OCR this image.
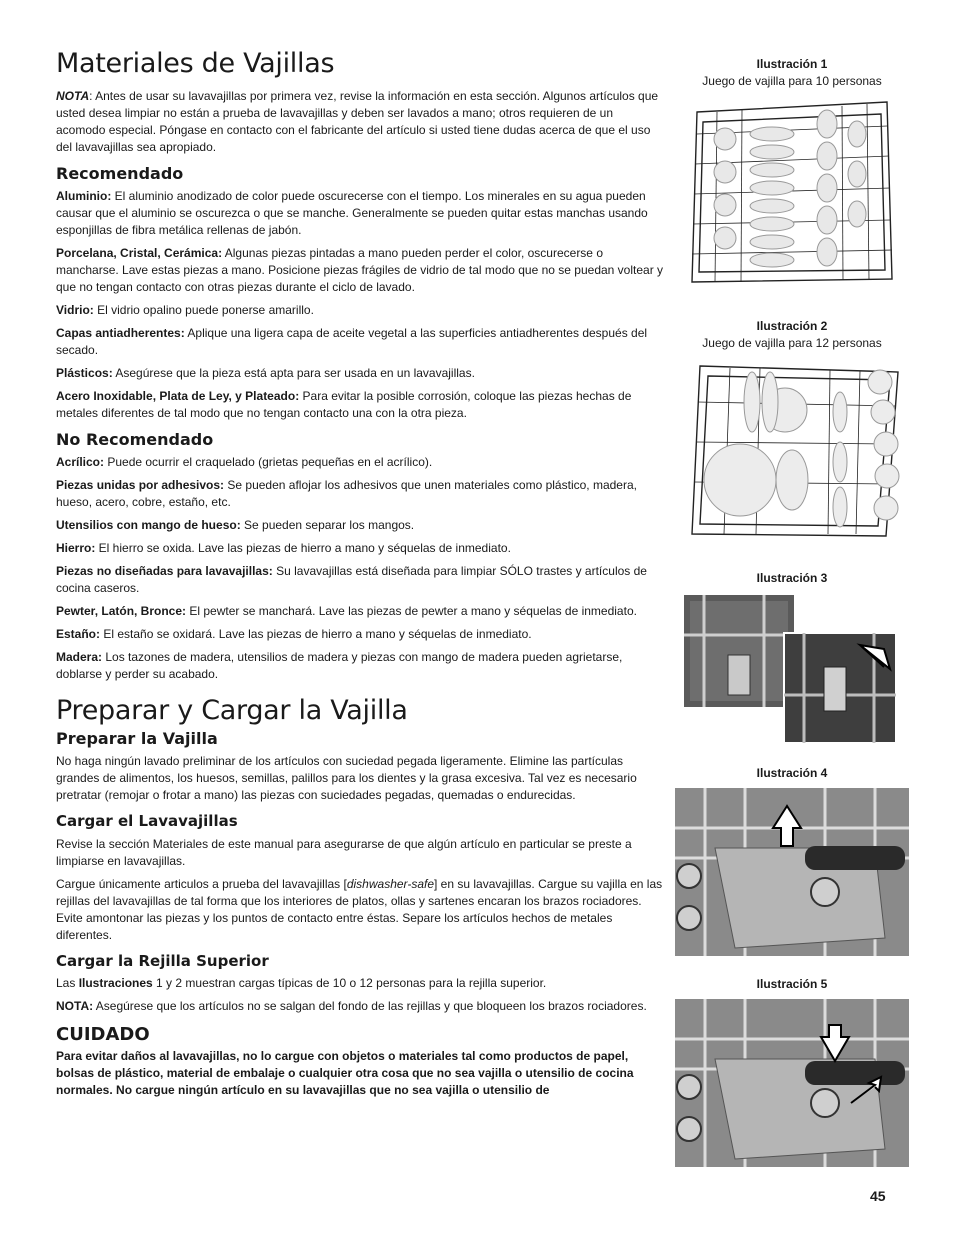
Materiales de Vajillas

NOTA: Antes de usar su lavavajillas por primera vez, revise la información en esta sección. Algunos artículos que usted desea limpiar no están a prueba de lavavajillas y deben ser lavados a mano; otros requieren de un acomodo especial. Póngase en contacto con el fabricante del artículo si usted tiene dudas acerca de que el uso del lavavajillas sea apropiado.

Recomendado

Aluminio: El aluminio anodizado de color puede oscurecerse con el tiempo. Los minerales en su agua pueden causar que el aluminio se oscurezca o que se manche. Generalmente se pueden quitar estas manchas usando esponjillas de fibra metálica rellenas de jabón.

Porcelana, Cristal, Cerámica: Algunas piezas pintadas a mano pueden perder el color, oscurecerse o mancharse. Lave estas piezas a mano. Posicione piezas frágiles de vidrio de tal modo que no se puedan voltear y que no tengan contacto con otras piezas durante el ciclo de lavado.

Vidrio: El vidrio opalino puede ponerse amarillo.

Capas antiadherentes: Aplique una ligera capa de aceite vegetal a las superficies antiadherentes después del secado.

Plásticos: Asegúrese que la pieza está apta para ser usada en un lavavajillas.

Acero Inoxidable, Plata de Ley, y Plateado: Para evitar la posible corrosión, coloque las piezas hechas de metales diferentes de tal modo que no tengan contacto una con la otra pieza.

No Recomendado

Acrílico: Puede ocurrir el craquelado (grietas pequeñas en el acrílico).

Piezas unidas por adhesivos: Se pueden aflojar los adhesivos que unen materiales como plástico, madera, hueso, acero, cobre, estaño, etc.

Utensilios con mango de hueso: Se pueden separar los mangos.

Hierro: El hierro se oxida. Lave las piezas de hierro a mano y séquelas de inmediato.

Piezas no diseñadas para lavavajillas: Su lavavajillas está diseñada para limpiar SÓLO trastes y artículos de cocina caseros.

Pewter, Latón, Bronce: El pewter se manchará. Lave las piezas de pewter a mano y séquelas de inmediato.

Estaño: El estaño se oxidará. Lave las piezas de hierro a mano y séquelas de inmediato.

Madera: Los tazones de madera, utensilios de madera y piezas con mango de madera pueden agrietarse, doblarse y perder su acabado.

Preparar y Cargar la Vajilla
Preparar la Vajilla

No haga ningún lavado preliminar de los artículos con suciedad pegada ligeramente. Elimine las partículas grandes de alimentos, los huesos, semillas, palillos para los dientes y la grasa excesiva. Tal vez es necesario pretratar (remojar o frotar a mano) las piezas con suciedades pegadas, quemadas o endurecidas.

Cargar el Lavavajillas

Revise la sección Materiales de este manual para asegurarse de que algún artículo en particular se preste a limpiarse en lavavajillas.

Cargue únicamente articulos a prueba del lavavajillas [dishwasher-safe] en su lavavajillas. Cargue su vajilla en las rejillas del lavavajillas de tal forma que los interiores de platos, ollas y sartenes encaran los brazos rociadores. Evite amontonar las piezas y los puntos de contacto entre éstas. Separe los artículos hechos de metales diferentes.

Cargar la Rejilla Superior

Las Ilustraciones 1 y 2 muestran cargas típicas de 10 o 12 personas para la rejilla superior.

NOTA: Asegúrese que los artículos no se salgan del fondo de las rejillas y que bloqueen los brazos rociadores.

CUIDADO

Para evitar daños al lavavajillas, no lo cargue con objetos o materiales tal como productos de papel, bolsas de plástico, material de embalaje o cualquier otra cosa que no sea vajilla o utensilio de cocina normales. No cargue ningún artículo en su lavavajillas que no sea vajilla o utensilio de

Ilustración 1

Juego de vajilla para 10 personas

Ilustración 2

Juego de vajilla para 12 personas

Ilustración 3

Ilustración 4

Ilustración 5

45
